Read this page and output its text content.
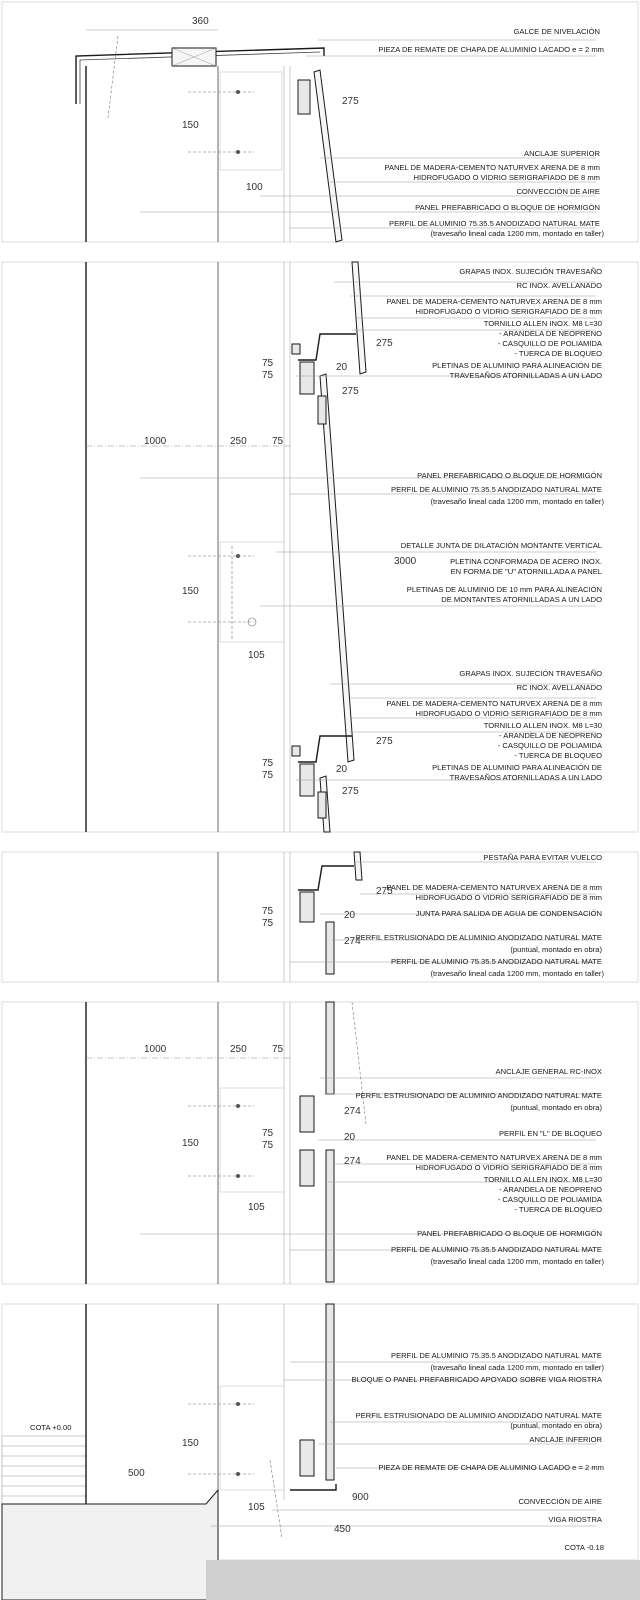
GALCE DE NIVELACIÓN
PIEZA DE REMATE DE CHAPA DE ALUMINIO LACADO e = 2 mm
ANCLAJE SUPERIOR
PANEL DE MADERA-CEMENTO NATURVEX ARENA DE 8 mm
HIDROFUGADO O VIDRIO SERIGRAFIADO DE 8 mm
CONVECCIÓN DE AIRE
PANEL PREFABRICADO O BLOQUE DE HORMIGÓN
PERFIL DE ALUMINIO 75.35.5 ANODIZADO NATURAL MATE
(travesaño lineal cada 1200 mm, montado en taller)
360
275
150
100
GRAPAS INOX. SUJECIÓN TRAVESAÑO
RC INOX. AVELLANADO
PANEL DE MADERA-CEMENTO NATURVEX ARENA DE 8 mm
HIDROFUGADO O VIDRIO SERIGRAFIADO DE 8 mm
TORNILLO ALLEN INOX. M8 L=30
- ARANDELA DE NEOPRENO
- CASQUILLO DE POLIAMIDA
- TUERCA DE BLOQUEO
PLETINAS DE ALUMINIO PARA ALINEACIÓN DE
TRAVESAÑOS ATORNILLADAS A UN LADO
PANEL PREFABRICADO O BLOQUE DE HORMIGÓN
PERFIL DE ALUMINIO 75.35.5 ANODIZADO NATURAL MATE
(travesaño lineal cada 1200 mm, montado en taller)
DETALLE JUNTA DE DILATACIÓN MONTANTE VERTICAL
PLETINA CONFORMADA DE ACERO INOX.
EN FORMA DE "U" ATORNILLADA A PANEL
PLETINAS DE ALUMINIO DE 10 mm PARA ALINEACIÓN
DE MONTANTES ATORNILLADAS A UN LADO
GRAPAS INOX. SUJECIÓN TRAVESAÑO
RC INOX. AVELLANADO
PANEL DE MADERA-CEMENTO NATURVEX ARENA DE 8 mm
HIDROFUGADO O VIDRIO SERIGRAFIADO DE 8 mm
TORNILLO ALLEN INOX. M8 L=30
- ARANDELA DE NEOPRENO
- CASQUILLO DE POLIAMIDA
- TUERCA DE BLOQUEO
PLETINAS DE ALUMINIO PARA ALINEACIÓN DE
TRAVESAÑOS ATORNILLADAS A UN LADO
275
75
75
20
275
1000	250	75
3000
150
105
275
75
75
20
275
PESTAÑA PARA EVITAR VUELCO
PANEL DE MADERA-CEMENTO NATURVEX ARENA DE 8 mm
HIDROFUGADO O VIDRIO SERIGRAFIADO DE 8 mm
JUNTA PARA SALIDA DE AGUA DE CONDENSACIÓN
PERFIL ESTRUSIONADO DE ALUMINIO ANODIZADO NATURAL MATE
(puntual, montado en obra)
PERFIL DE ALUMINIO 75.35.5 ANODIZADO NATURAL MATE
(travesaño lineal cada 1200 mm, montado en taller)
275
75
75
20
274
ANCLAJE GENERAL RC-INOX
PERFIL ESTRUSIONADO DE ALUMINIO ANODIZADO NATURAL MATE
(puntual, montado en obra)
PERFIL EN "L" DE BLOQUEO
PANEL DE MADERA-CEMENTO NATURVEX ARENA DE 8 mm
HIDROFUGADO O VIDRIO SERIGRAFIADO DE 8 mm
TORNILLO ALLEN INOX. M8 L=30
- ARANDELA DE NEOPRENO
- CASQUILLO DE POLIAMIDA
- TUERCA DE BLOQUEO
PANEL PREFABRICADO O BLOQUE DE HORMIGÓN
PERFIL DE ALUMINIO 75.35.5 ANODIZADO NATURAL MATE
(travesaño lineal cada 1200 mm, montado en taller)
1000	250	75
274
75
75
20
150
274
105
PERFIL DE ALUMINIO 75.35.5 ANODIZADO NATURAL MATE
(travesaño lineal cada 1200 mm, montado en taller)
BLOQUE O PANEL PREFABRICADO APOYADO SOBRE VIGA RIOSTRA
PERFIL ESTRUSIONADO DE ALUMINIO ANODIZADO NATURAL MATE
(puntual, montado en obra)
ANCLAJE INFERIOR
PIEZA DE REMATE DE CHAPA DE ALUMINIO LACADO e = 2 mm
CONVECCIÓN DE AIRE
VIGA RIOSTRA
COTA -0.18
COTA +0.00
150
500
105
900
450
